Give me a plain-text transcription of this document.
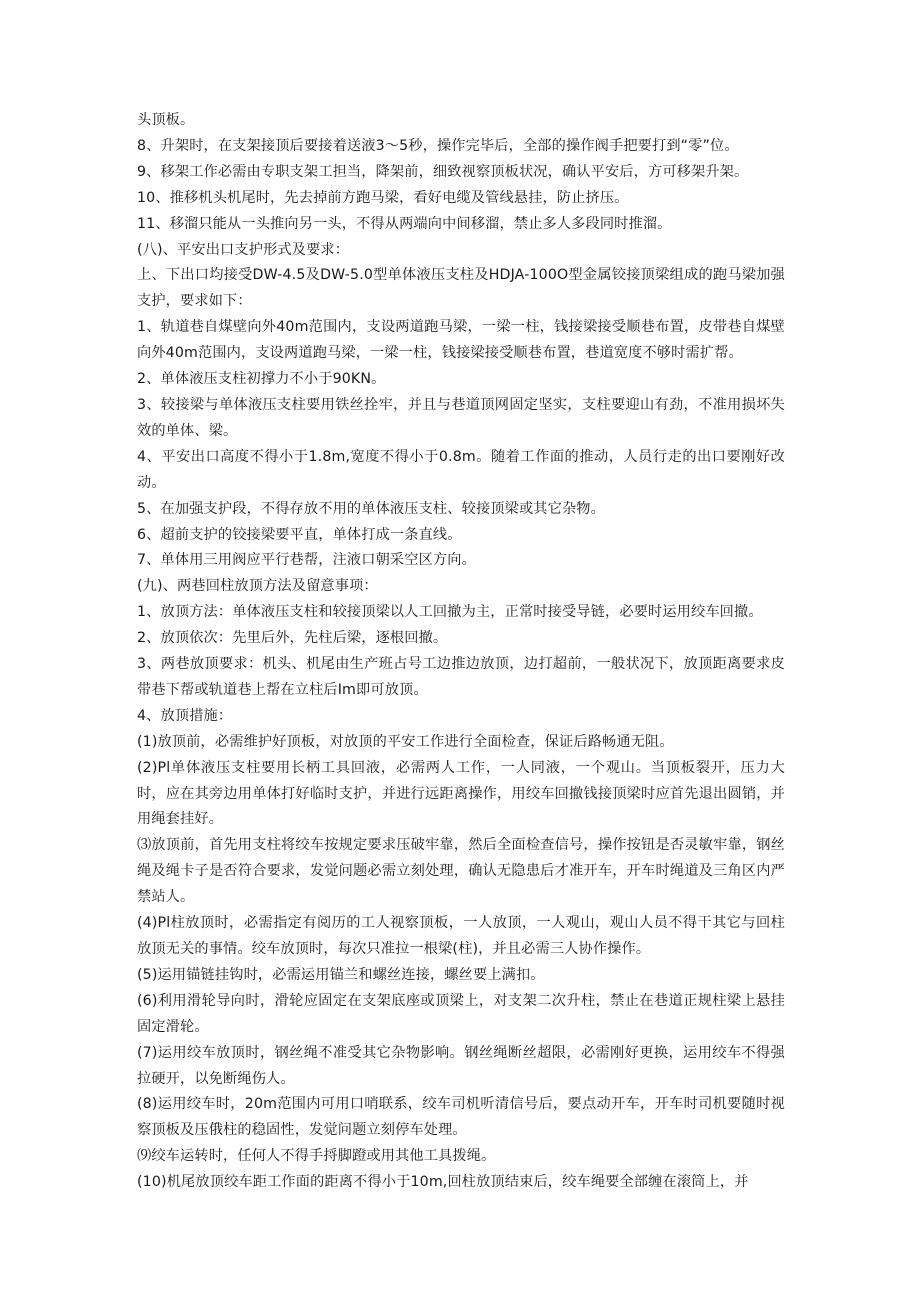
头顶板。

8、升架时，在支架接顶后要接着送液3～5秒，操作完毕后，全部的操作阀手把要打到“零”位。

9、移架工作必需由专职支架工担当，降架前，细致视察顶板状况，确认平安后，方可移架升架。

10、推移机头机尾时，先去掉前方跑马梁，看好电缆及管线悬挂，防止挤压。

11、移溜只能从一头推向另一头，不得从两端向中间移溜，禁止多人多段同时推溜。

(八)、平安出口支护形式及要求：

上、下出口均接受DW-4.5及DW-5.0型单体液压支柱及HDJA-100O型金属铰接顶梁组成的跑马梁加强支护，要求如下：

1、轨道巷自煤壁向外40m范围内，支设两道跑马梁，一梁一柱，钱接梁接受顺巷布置，皮带巷自煤壁向外40m范围内，支设两道跑马梁，一梁一柱，钱接梁接受顺巷布置，巷道宽度不够时需扩帮。

2、单体液压支柱初撑力不小于90KN。

3、较接梁与单体液压支柱要用铁丝拴牢，并且与巷道顶网固定坚实，支柱要迎山有劲，不准用损坏失效的单体、梁。

4、平安出口高度不得小于1.8m,宽度不得小于0.8m。随着工作面的推动，人员行走的出口要刚好改动。

5、在加强支护段，不得存放不用的单体液压支柱、较接顶梁或其它杂物。

6、超前支护的铰接梁要平直，单体打成一条直线。

7、单体用三用阀应平行巷帮，注液口朝采空区方向。

(九)、两巷回柱放顶方法及留意事项：

1、放顶方法：单体液压支柱和较接顶梁以人工回撤为主，正常时接受导链，必要时运用绞车回撤。

2、放顶依次：先里后外，先柱后梁，逐根回撤。

3、两巷放顶要求：机头、机尾由生产班占号工边推边放顶，边打超前，一般状况下，放顶距离要求皮带巷下帮或轨道巷上帮在立柱后Im即可放顶。

4、放顶措施：

(1)放顶前，必需维护好顶板，对放顶的平安工作进行全面检查，保证后路畅通无阻。

(2)Pl单体液压支柱要用长柄工具回液，必需两人工作，一人同液，一个观山。当顶板裂开，压力大时，应在其旁边用单体打好临时支护，并进行远距离操作，用绞车回撤钱接顶梁时应首先退出圆销，并用绳套挂好。

⑶放顶前，首先用支柱将绞车按规定要求压破牢靠，然后全面检查信号，操作按钮是否灵敏牢靠，钢丝绳及绳卡子是否符合要求，发觉问题必需立刻处理，确认无隐患后才准开车，开车时绳道及三角区内严禁站人。

(4)Pl柱放顶时，必需指定有阅历的工人视察顶板，一人放顶，一人观山，观山人员不得干其它与回柱放顶无关的事情。绞车放顶时，每次只准拉一根梁(柱)，并且必需三人协作操作。

(5)运用锚链挂钩时，必需运用锚兰和螺丝连接，螺丝要上满扣。

(6)利用滑轮导向时，滑轮应固定在支架底座或顶梁上，对支架二次升柱，禁止在巷道正规柱梁上悬挂固定滑轮。

(7)运用绞车放顶时，钢丝绳不准受其它杂物影响。钢丝绳断丝超限，必需刚好更换，运用绞车不得强拉硬开，以免断绳伤人。

(8)运用绞车时，20m范围内可用口哨联系，绞车司机听清信号后，要点动开车，开车时司机要随时视察顶板及压俄柱的稳固性，发觉问题立刻停车处理。

⑼绞车运转时，任何人不得手捋脚蹬或用其他工具拨绳。

(10)机尾放顶绞车距工作面的距离不得小于10m,回柱放顶结束后，绞车绳要全部缠在滚筒上，并
